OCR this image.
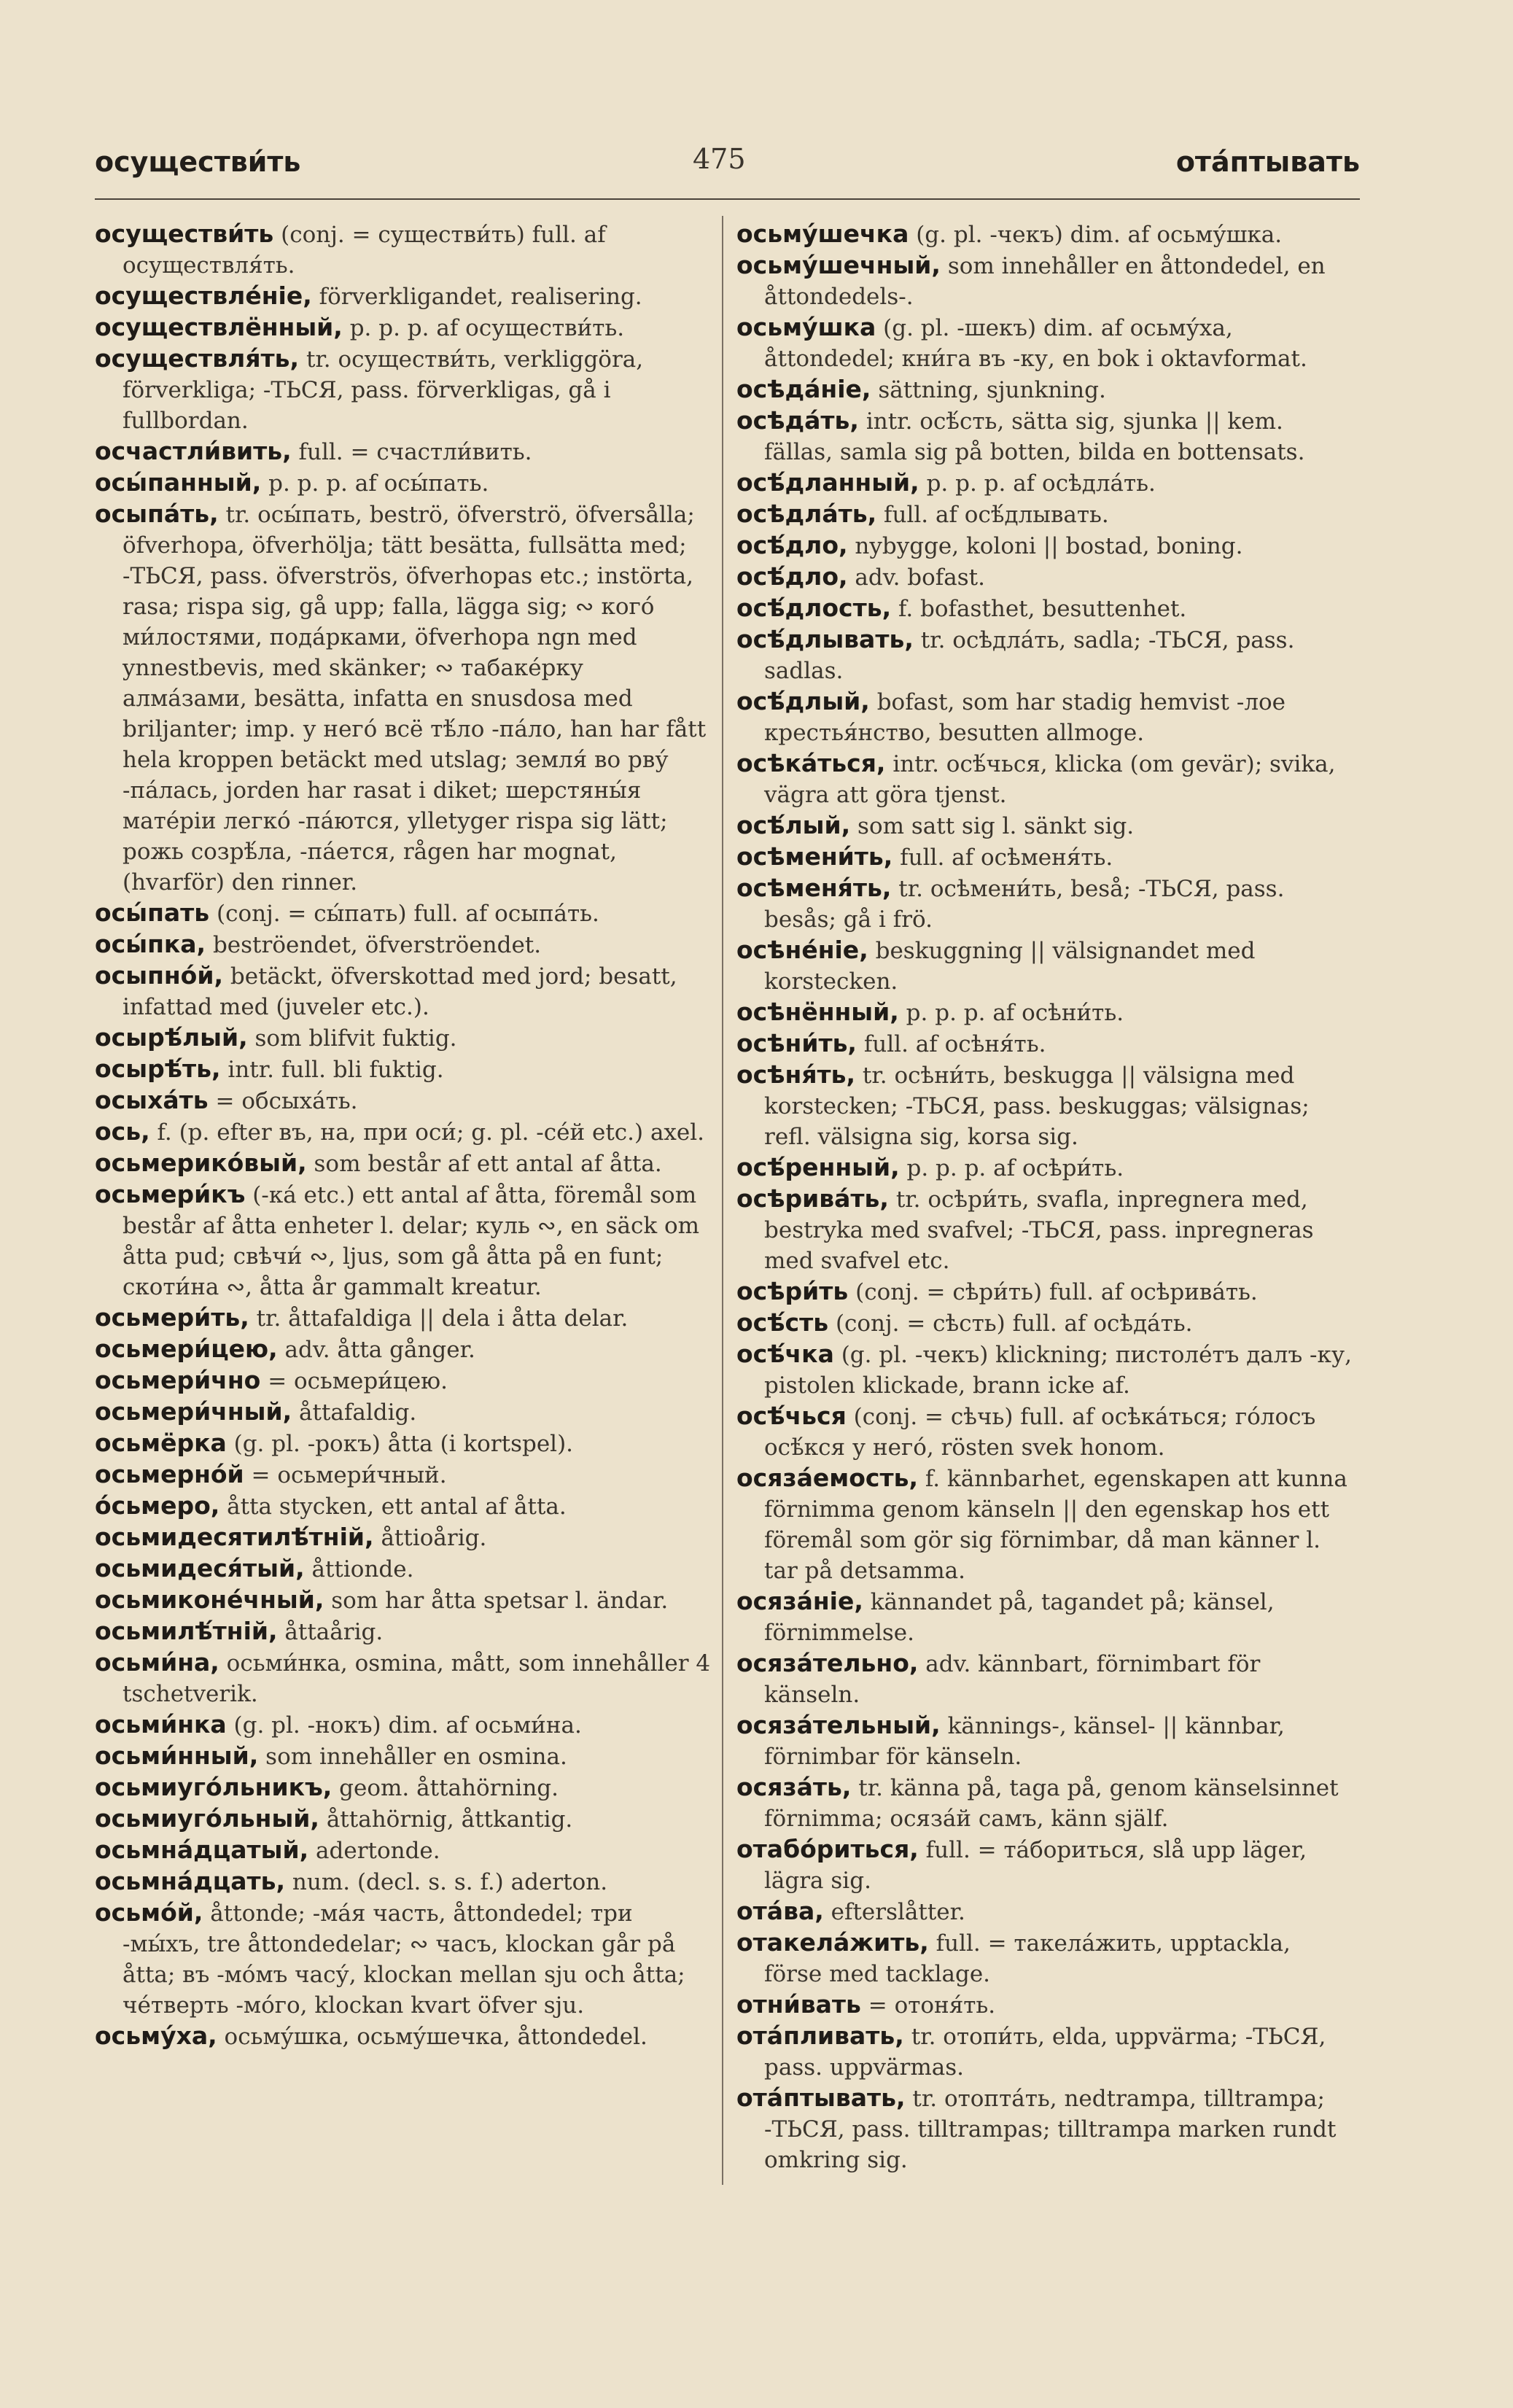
осуществи́ть	475	отáптывать

осуществи́ть (conj. = существи́ть) full. af осуществля́ть.

осуществлéніе, förverkligandet, realisering.

осуществлённый, p. p. p. af осуществи́ть.

осуществля́ть, tr. осуществи́ть, verkliggöra, förverkliga; -ТЬСЯ, pass. förverkligas, gå i fullbordan.

осчастли́вить, full. = счастли́вить.

осы́панный, p. p. p. af осы́пать.

осыпа́ть, tr. осы́пать, beströ, öfverströ, öfversålla; öfverhopa, öfverhölja; tätt besätta, fullsätta med; -ТЬСЯ, pass. öfverströs, öfverhopas etc.; instörta, rasa; rispa sig, gå upp; falla, lägga sig; ∾ кого́ ми́лостями, пода́рками, öfverhopa ngn med ynnestbevis, med skänker; ∾ табакéрку алмáзами, besätta, infatta en snusdosa med briljanter; imp. у него́ всё тѣ́ло -па́ло, han har fått hela kroppen betäckt med utslag; земля́ во рву́ -па́лась, jorden har rasat i diket; шерстяны́я матéріи легко́ -па́ются, ylletyger rispa sig lätt; рожь созрѣ́ла, -па́ется, rågen har mognat, (hvarför) den rinner.

осы́пать (conj. = сы́пать) full. af осыпа́ть.

осы́пка, beströendet, öfverströendet.

осыпно́й, betäckt, öfverskottad med jord; besatt, infattad med (juveler etc.).

осырѣ́лый, som blifvit fuktig.

осырѣ́ть, intr. full. bli fuktig.

осыха́ть = обсыха́ть.

ось, f. (p. efter въ, на, при оси́; g. pl. -сéй etc.) axel.

осьмерико́вый, som består af ett antal af åtta.

осьмери́къ (-ка́ etc.) ett antal af åtta, föremål som består af åtta enheter l. delar; куль ∾, en säck om åtta pud; свѣчи́ ∾, ljus, som gå åtta på en funt; скоти́на ∾, åtta år gammalt kreatur.

осьмери́ть, tr. åttafaldiga || dela i åtta delar.

осьмери́цею, adv. åtta gånger.

осьмери́чно = осьмери́цею.

осьмери́чный, åttafaldig.

осьмёрка (g. pl. -рокъ) åtta (i kortspel).

осьмерно́й = осьмери́чный.

о́сьмеро, åtta stycken, ett antal af åtta.

осьмидесятилѣ́тній, åttioårig.

осьмидеся́тый, åttionde.

осьмиконéчный, som har åtta spetsar l. ändar.

осьмилѣ́тній, åttaårig.

осьми́на, осьми́нка, osmina, mått, som innehåller 4 tschetverik.

осьми́нка (g. pl. -нокъ) dim. af осьми́на.

осьми́нный, som innehåller en osmina.

осьмиуго́льникъ, geom. åttahörning.

осьмиуго́льный, åttahörnig, åttkantig.

осьмна́дцатый, adertonde.

осьмна́дцать, num. (decl. s. s. f.) aderton.

осьмо́й, åttonde; -ма́я часть, åttondedel; три -мы́хъ, tre åttondedelar; ∾ часъ, klockan går på åtta; въ -мо́мъ часу́, klockan mellan sju och åtta; чéтверть -мо́го, klockan kvart öfver sju.

осьму́ха, осьму́шка, осьму́шечка, åttondedel.

осьму́шечка (g. pl. -чекъ) dim. af осьму́шка.

осьму́шечный, som innehåller en åttondedel, en åttondedels-.

осьму́шка (g. pl. -шекъ) dim. af осьму́ха, åttondedel; кни́га въ -ку, en bok i oktavformat.

осѣда́ніе, sättning, sjunkning.

осѣда́ть, intr. осѣ́сть, sätta sig, sjunka || kem. fällas, samla sig på botten, bilda en bottensats.

осѣ́дланный, p. p. p. af осѣдла́ть.

осѣдла́ть, full. af осѣ́длывать.

осѣ́дло, nybygge, koloni || bostad, boning.

осѣ́дло, adv. bofast.

осѣ́длость, f. bofasthet, besuttenhet.

осѣ́длывать, tr. осѣдла́ть, sadla; -ТЬСЯ, pass. sadlas.

осѣ́длый, bofast, som har stadig hemvist -лое крестья́нство, besutten allmoge.

осѣка́ться, intr. осѣ́чься, klicka (om gevär); svika, vägra att göra tjenst.

осѣ́лый, som satt sig l. sänkt sig.

осѣмени́ть, full. af осѣменя́ть.

осѣменя́ть, tr. осѣмени́ть, beså; -ТЬСЯ, pass. besås; gå i frö.

осѣнéніе, beskuggning || välsignandet med korstecken.

осѣнённый, p. p. p. af осѣни́ть.

осѣни́ть, full. af осѣня́ть.

осѣня́ть, tr. осѣни́ть, beskugga || välsigna med korstecken; -ТЬСЯ, pass. beskuggas; välsignas; refl. välsigna sig, korsa sig.

осѣ́ренный, p. p. p. af осѣри́ть.

осѣрива́ть, tr. осѣри́ть, svafla, inpregnera med, bestryka med svafvel; -ТЬСЯ, pass. inpregneras med svafvel etc.

осѣри́ть (conj. = сѣри́ть) full. af осѣрива́ть.

осѣ́сть (conj. = сѣсть) full. af осѣда́ть.

осѣ́чка (g. pl. -чекъ) klickning; пистолéтъ далъ -ку, pistolen klickade, brann icke af.

осѣ́чься (conj. = сѣчь) full. af осѣка́ться; го́лосъ осѣ́кся у него́, rösten svek honom.

осяза́емость, f. kännbarhet, egenskapen att kunna förnimma genom känseln || den egenskap hos ett föremål som gör sig förnimbar, då man känner l. tar på detsamma.

осяза́ніе, kännandet på, tagandet på; känsel, förnimmelse.

осяза́тельно, adv. kännbart, förnimbart för känseln.

осяза́тельный, kännings-, känsel- || kännbar, förnimbar för känseln.

осяза́ть, tr. känna på, taga på, genom känselsinnet förnimma; осяза́й самъ, känn själf.

отабо́риться, full. = та́бориться, slå upp läger, lägra sig.

ота́ва, efterslåtter.

отакела́жить, full. = такела́жить, upptackla, förse med tacklage.

отни́вать = отоня́ть.

ота́пливать, tr. отопи́ть, elda, uppvärma; -ТЬСЯ, pass. uppvärmas.

ота́птывать, tr. отопта́ть, nedtrampa, tilltrampa; -ТЬСЯ, pass. tilltrampas; tilltrampa marken rundt omkring sig.
